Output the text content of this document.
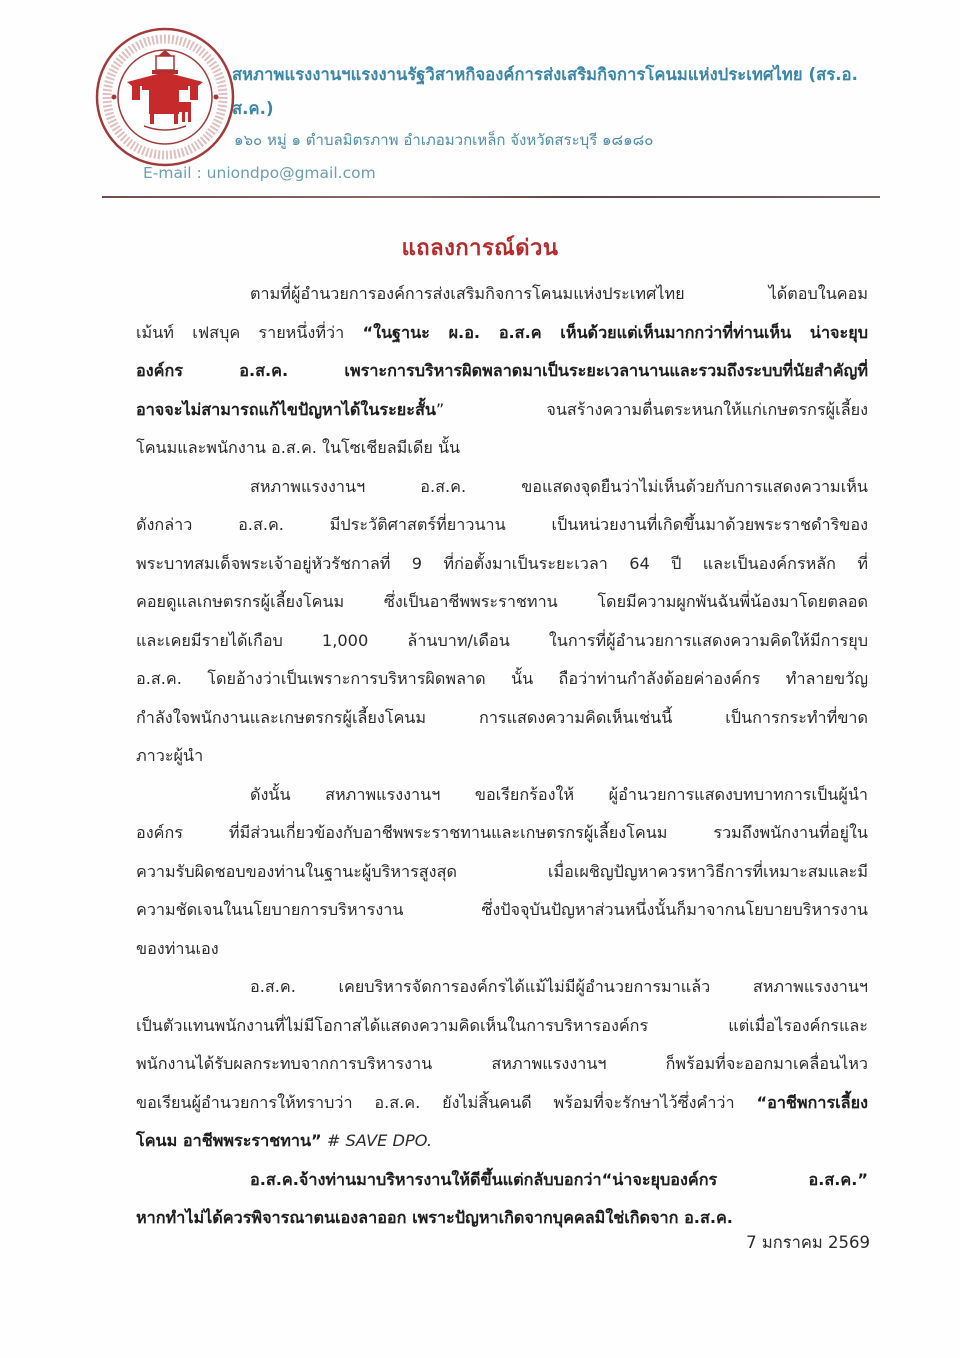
สหภาพแรงงานฯแรงงานรัฐวิสาหกิจองค์การส่งเสริมกิจการโคนมแห่งประเทศไทย (สร.อ.
ส.ค.)
๑๖๐ หมู่ ๑ ตำบลมิตรภาพ อำเภอมวกเหล็ก จังหวัดสระบุรี ๑๘๑๘๐
E-mail : uniondpo@gmail.com
แถลงการณ์ด่วน
ตามที่ผู้อำนวยการองค์การส่งเสริมกิจการโคนมแห่งประเทศไทย ได้ตอบในคอม
เม้นท์ เฟสบุค รายหนึ่งที่ว่า “ในฐานะ ผ.อ. อ.ส.ค เห็นด้วยแต่เห็นมากกว่าที่ท่านเห็น น่าจะยุบ
องค์กร อ.ส.ค. เพราะการบริหารผิดพลาดมาเป็นระยะเวลานานและรวมถึงระบบที่นัยสำคัญที่
อาจจะไม่สามารถแก้ไขปัญหาได้ในระยะสั้น” จนสร้างความตื่นตระหนกให้แก่เกษตรกรผู้เลี้ยง
โคนมและพนักงาน อ.ส.ค. ในโซเชียลมีเดีย นั้น
สหภาพแรงงานฯ อ.ส.ค. ขอแสดงจุดยืนว่าไม่เห็นด้วยกับการแสดงความเห็น
ดังกล่าว อ.ส.ค. มีประวัติศาสตร์ที่ยาวนาน เป็นหน่วยงานที่เกิดขึ้นมาด้วยพระราชดำริของ
พระบาทสมเด็จพระเจ้าอยู่หัวรัชกาลที่ 9 ที่ก่อตั้งมาเป็นระยะเวลา 64 ปี และเป็นองค์กรหลัก ที่
คอยดูแลเกษตรกรผู้เลี้ยงโคนม ซึ่งเป็นอาชีพพระราชทาน โดยมีความผูกพันฉันพี่น้องมาโดยตลอด
และเคยมีรายได้เกือบ 1,000 ล้านบาท/เดือน ในการที่ผู้อำนวยการแสดงความคิดให้มีการยุบ
อ.ส.ค. โดยอ้างว่าเป็นเพราะการบริหารผิดพลาด นั้น ถือว่าท่านกำลังด้อยค่าองค์กร ทำลายขวัญ
กำลังใจพนักงานและเกษตรกรผู้เลี้ยงโคนม การแสดงความคิดเห็นเช่นนี้ เป็นการกระทำที่ขาด
ภาวะผู้นำ
ดังนั้น สหภาพแรงงานฯ ขอเรียกร้องให้ ผู้อำนวยการแสดงบทบาทการเป็นผู้นำ
องค์กร ที่มีส่วนเกี่ยวข้องกับอาชีพพระราชทานและเกษตรกรผู้เลี้ยงโคนม รวมถึงพนักงานที่อยู่ใน
ความรับผิดชอบของท่านในฐานะผู้บริหารสูงสุด เมื่อเผชิญปัญหาควรหาวิธีการที่เหมาะสมและมี
ความชัดเจนในนโยบายการบริหารงาน ซึ่งปัจจุบันปัญหาส่วนหนึ่งนั้นก็มาจากนโยบายบริหารงาน
ของท่านเอง
อ.ส.ค. เคยบริหารจัดการองค์กรได้แม้ไม่มีผู้อำนวยการมาแล้ว สหภาพแรงงานฯ
เป็นตัวแทนพนักงานที่ไม่มีโอกาสได้แสดงความคิดเห็นในการบริหารองค์กร แต่เมื่อไรองค์กรและ
พนักงานได้รับผลกระทบจากการบริหารงาน สหภาพแรงงานฯ ก็พร้อมที่จะออกมาเคลื่อนไหว
ขอเรียนผู้อำนวยการให้ทราบว่า อ.ส.ค. ยังไม่สิ้นคนดี พร้อมที่จะรักษาไว้ซึ่งคำว่า “อาชีพการเลี้ยง
โคนม อาชีพพระราชทาน” # SAVE DPO.
อ.ส.ค.จ้างท่านมาบริหารงานให้ดีขึ้นแต่กลับบอกว่า“น่าจะยุบองค์กร อ.ส.ค.”
หากทำไม่ได้ควรพิจารณาตนเองลาออก เพราะปัญหาเกิดจากบุคคลมิใช่เกิดจาก อ.ส.ค.
7 มกราคม 2569
